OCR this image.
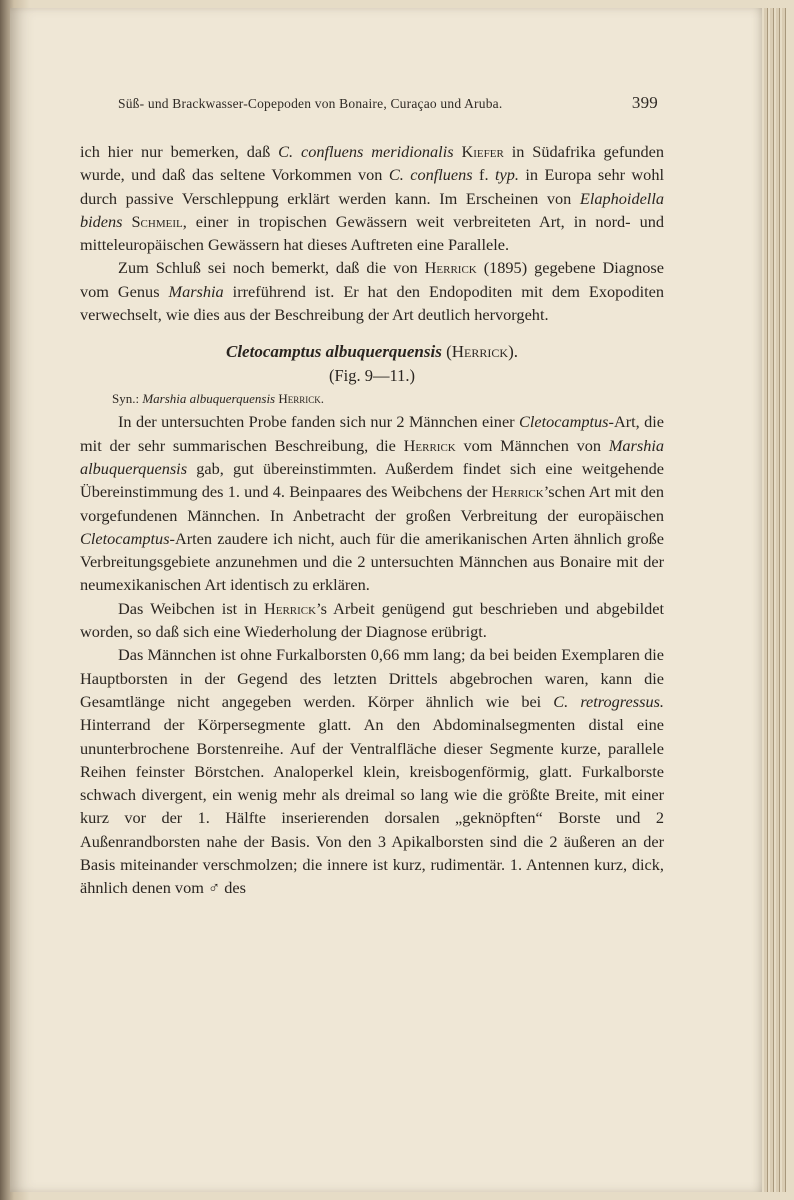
Süß- und Brackwasser-Copepoden von Bonaire, Curaçao und Aruba.	399

ich hier nur bemerken, daß C. confluens meridionalis Kiefer in Südafrika gefunden wurde, und daß das seltene Vorkommen von C. confluens f. typ. in Europa sehr wohl durch passive Verschleppung erklärt werden kann. Im Erscheinen von Elaphoidella bidens Schmeil, einer in tropischen Gewässern weit verbreiteten Art, in nord- und mitteleuropäischen Gewässern hat dieses Auftreten eine Parallele.

Zum Schluß sei noch bemerkt, daß die von Herrick (1895) gegebene Diagnose vom Genus Marshia irreführend ist. Er hat den Endopoditen mit dem Exopoditen verwechselt, wie dies aus der Beschreibung der Art deutlich hervorgeht.

Cletocamptus albuquerquensis (Herrick).

(Fig. 9—11.)

Syn.: Marshia albuquerquensis Herrick.

In der untersuchten Probe fanden sich nur 2 Männchen einer Cletocamptus-Art, die mit der sehr summarischen Beschreibung, die Herrick vom Männchen von Marshia albuquerquensis gab, gut übereinstimmten. Außerdem findet sich eine weitgehende Übereinstimmung des 1. und 4. Beinpaares des Weibchens der Herrick’schen Art mit den vorgefundenen Männchen. In Anbetracht der großen Verbreitung der europäischen Cletocamptus-Arten zaudere ich nicht, auch für die amerikanischen Arten ähnlich große Verbreitungsgebiete anzunehmen und die 2 untersuchten Männchen aus Bonaire mit der neumexikanischen Art identisch zu erklären.

Das Weibchen ist in Herrick’s Arbeit genügend gut beschrieben und abgebildet worden, so daß sich eine Wiederholung der Diagnose erübrigt.

Das Männchen ist ohne Furkalborsten 0,66 mm lang; da bei beiden Exemplaren die Hauptborsten in der Gegend des letzten Drittels abgebrochen waren, kann die Gesamtlänge nicht angegeben werden. Körper ähnlich wie bei C. retrogressus. Hinterrand der Körpersegmente glatt. An den Abdominalsegmenten distal eine ununterbrochene Borstenreihe. Auf der Ventralfläche dieser Segmente kurze, parallele Reihen feinster Börstchen. Analoperkel klein, kreisbogenförmig, glatt. Furkalborste schwach divergent, ein wenig mehr als dreimal so lang wie die größte Breite, mit einer kurz vor der 1. Hälfte inserierenden dorsalen „geknöpften“ Borste und 2 Außenrandborsten nahe der Basis. Von den 3 Apikalborsten sind die 2 äußeren an der Basis miteinander verschmolzen; die innere ist kurz, rudimentär. 1. Antennen kurz, dick, ähnlich denen vom ♂ des
